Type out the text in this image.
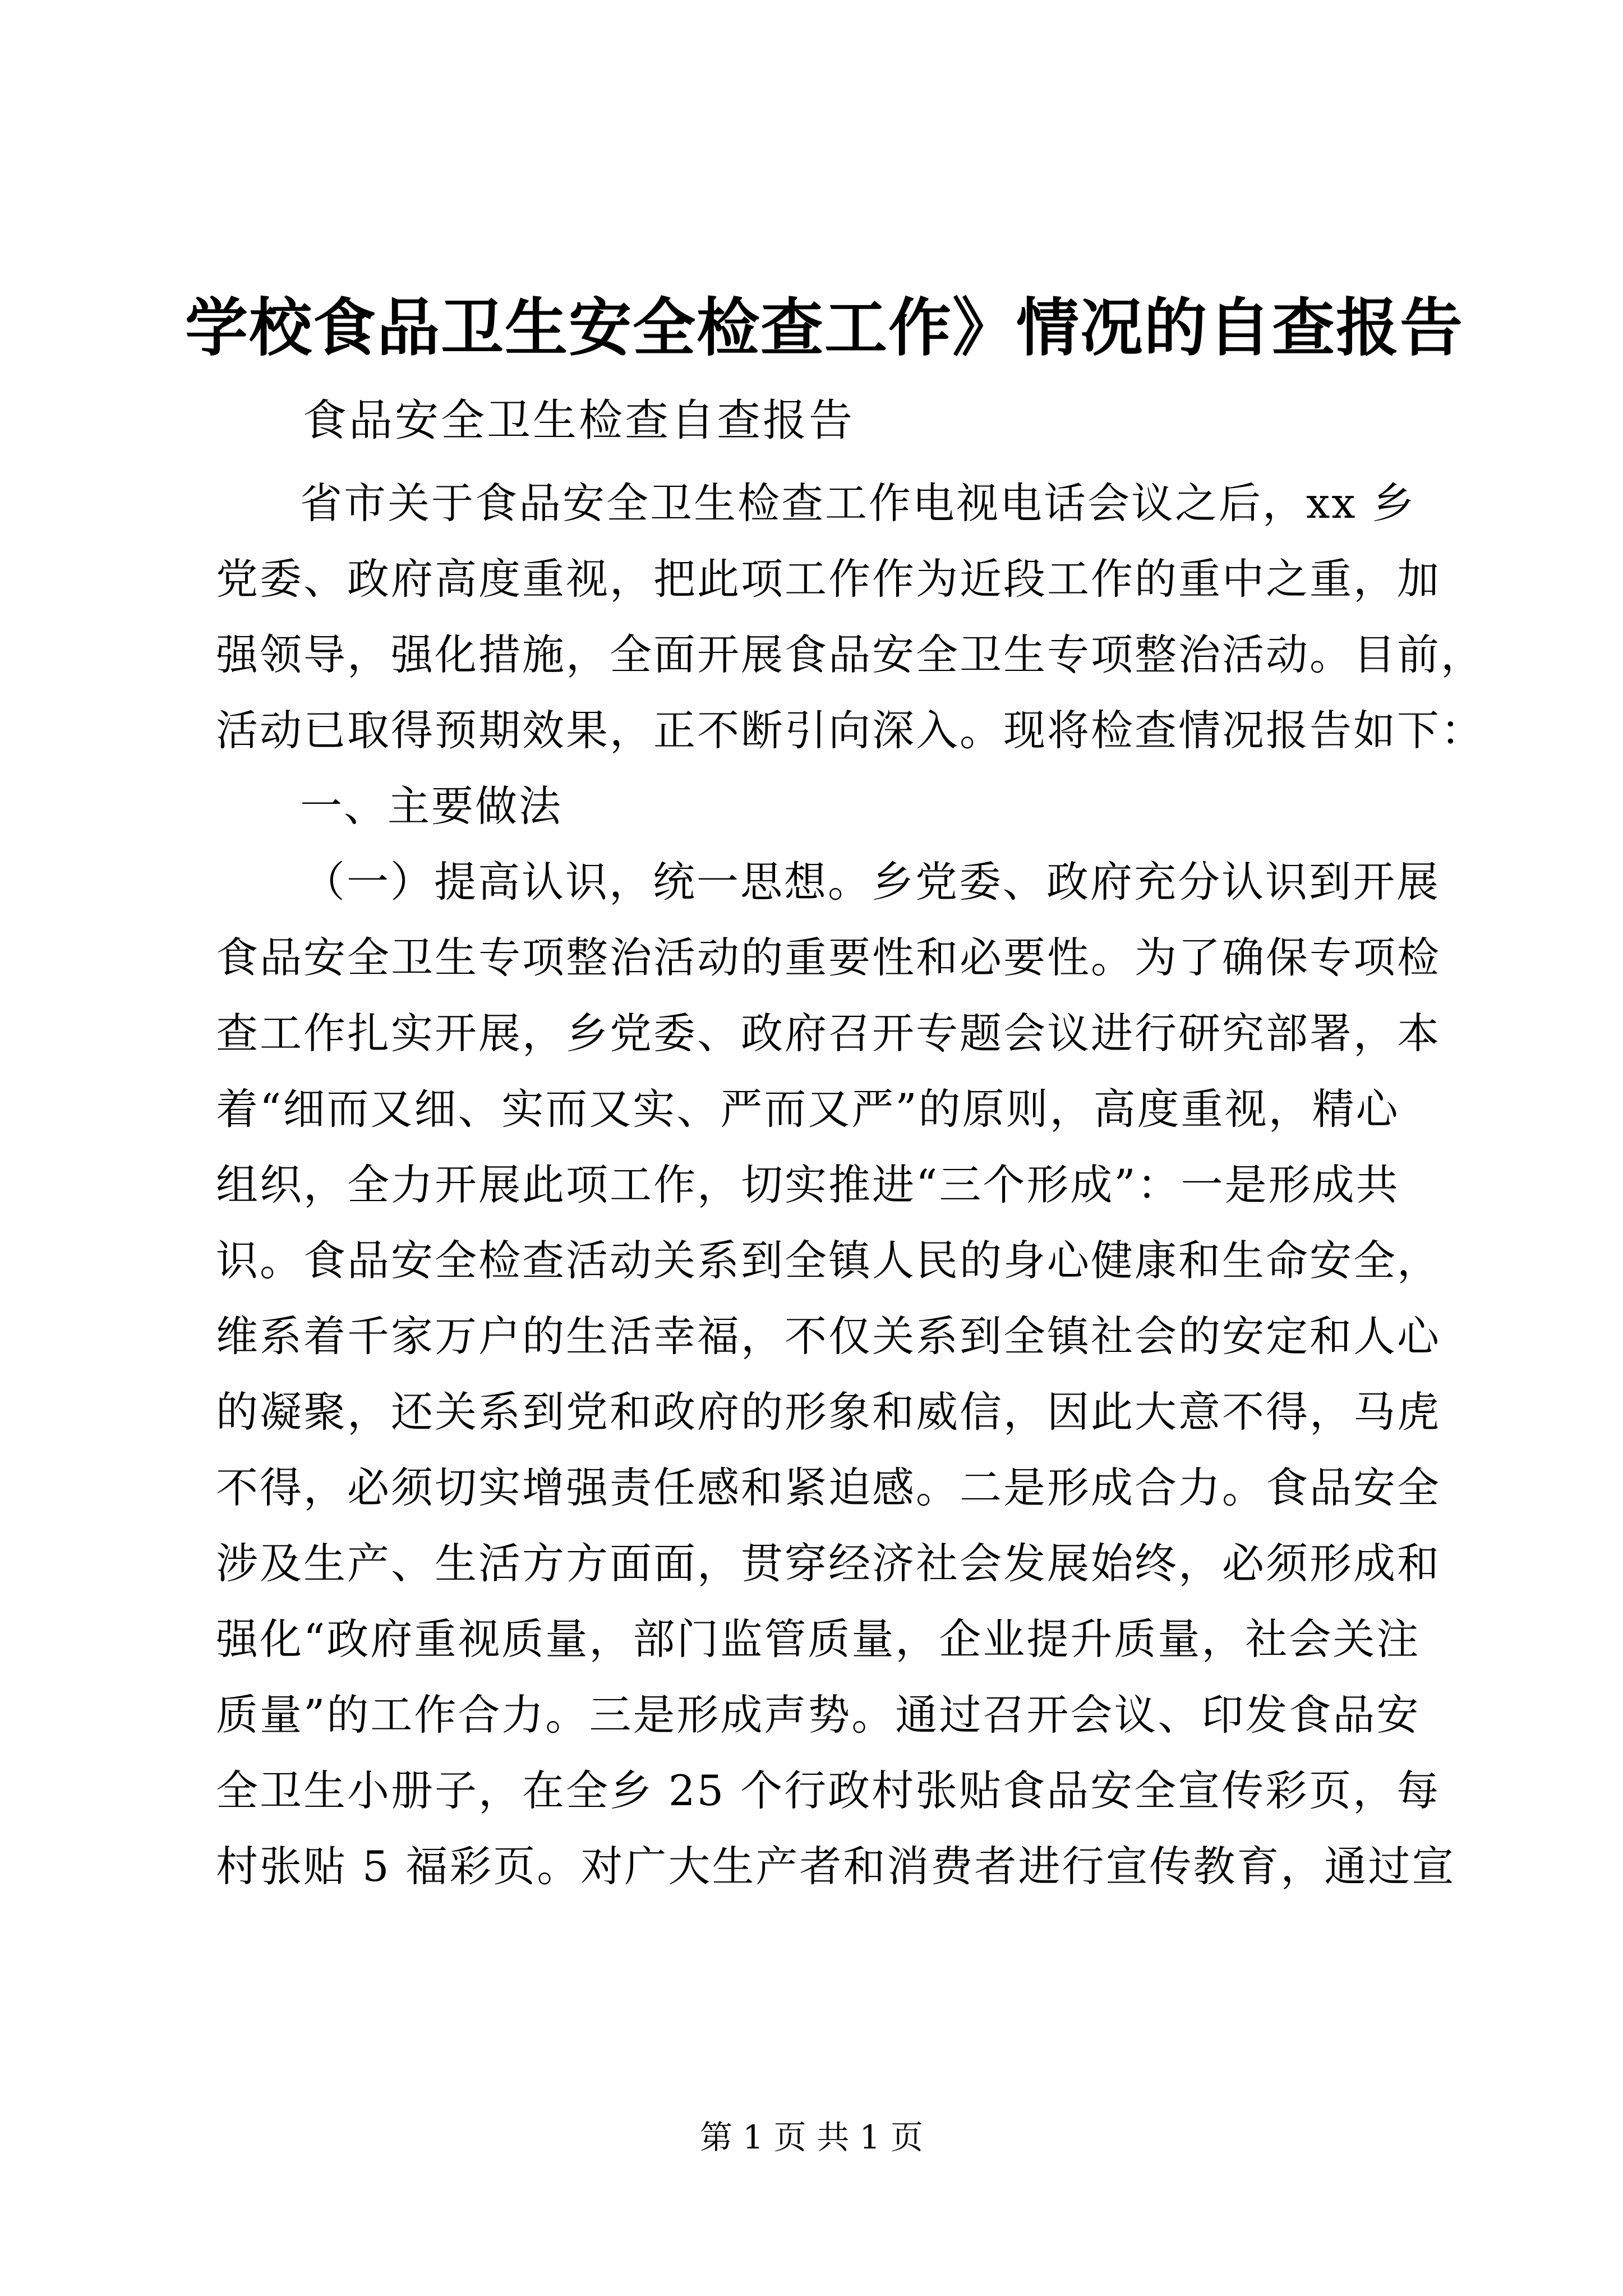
学校食品卫生安全检查工作》情况的自查报告
食品安全卫生检查自查报告

省市关于食品安全卫生检查工作电视电话会议之后，xx 乡
党委、政府高度重视，把此项工作作为近段工作的重中之重，加
强领导，强化措施，全面开展食品安全卫生专项整治活动。目前，
活动已取得预期效果，正不断引向深入。现将检查情况报告如下：

一、主要做法

（一）提高认识，统一思想。乡党委、政府充分认识到开展
食品安全卫生专项整治活动的重要性和必要性。为了确保专项检
查工作扎实开展，乡党委、政府召开专题会议进行研究部署，本
着“细而又细、实而又实、严而又严”的原则，高度重视，精心
组织，全力开展此项工作，切实推进“三个形成”：一是形成共
识。食品安全检查活动关系到全镇人民的身心健康和生命安全，
维系着千家万户的生活幸福，不仅关系到全镇社会的安定和人心
的凝聚，还关系到党和政府的形象和威信，因此大意不得，马虎
不得，必须切实增强责任感和紧迫感。二是形成合力。食品安全
涉及生产、生活方方面面，贯穿经济社会发展始终，必须形成和
强化“政府重视质量，部门监管质量，企业提升质量，社会关注
质量”的工作合力。三是形成声势。通过召开会议、印发食品安
全卫生小册子，在全乡 25 个行政村张贴食品安全宣传彩页，每
村张贴 5 福彩页。对广大生产者和消费者进行宣传教育，通过宣

第 1 页 共 1 页
